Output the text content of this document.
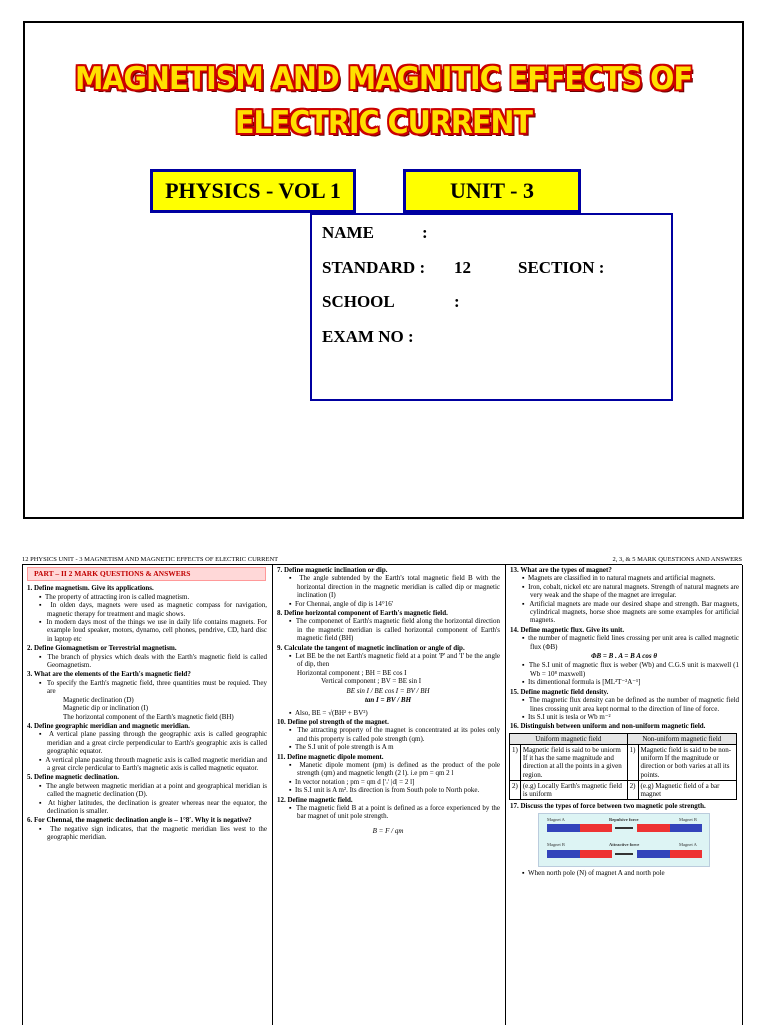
MAGNETISM AND MAGNITIC EFFECTS OF ELECTRIC CURRENT
PHYSICS - VOL 1	UNIT - 3
NAME	:
STANDARD : 12	SECTION :
SCHOOL	:
EXAM NO :
12 PHYSICS UNIT - 3 MAGNETISM AND MAGNETIC EFFECTS OF ELECTRIC CURRENT	2, 3, & 5 MARK QUESTIONS AND ANSWERS
PART – II 2 MARK QUESTIONS & ANSWERS
1. Define magnetism. Give its applications.
▪  The property of attracting iron is called magnetism.
▪  In olden days, magnets were used as magnetic compass for navigation, magnetic therapy for treatment and magic shows.
▪  In modern days most of the things we use in daily life contains magnets. For example loud speaker, motors, dynamo, cell phones, pendrive, CD, hard disc in laptop etc
2. Define Giomagnetism or Terrestrial magnetism.
▪  The branch of physics which deals with the Earth's magnetic field is called Geomagnetism.
3. What are the elements of the Earth's magnetic field?
▪  To specify the Earth's magnetic field, three quantities must be requied. They are
Magnetic declination (D)
Magnetic dip or inclination (I)
The horizontal component of the Earth's magnetic field (BH)
4. Define geographic meridian and magnetic meridian.
▪  A vertical plane passing through the geographic axis is called geographic meridian and a great circle perpendicular to Earth's geographic axis is called geographic equator.
▪  A vertical plane passing throuth magnetic axis is called magnetic meridian and a great circle perdicular to Earth's magnetic axis is called magnetic equator.
5. Define magnetic declination.
▪  The angle between magnetic meridian at a point and geographical meridian is called the magnetic declination (D).
▪  At higher latitudes, the declination is greater whereas near the equator, the declination is smaller.
6. For Chennai, the magnetic declination angle is – 1°8′. Why it is negative?
▪  The negative sign indicates, that the magnetic meridian lies west to the geographic meridian.
7. Define magnetic inclination or dip.
▪  The angle subtended by the Earth's total magnetic field B with the horizontal direction in the magnetic meridian is called dip or magnetic inclination (I)
▪  For Chennai, angle of dip is 14°16′
8. Define horizontal component of Earth's magnetic field.
▪  The componenet of Earth's magnetic field along the horizontal direction in the magnetic meridian is called horizontal component of Earth's magnetic field (BH)
9. Calculate the tangent of magnetic inclination or angle of dip.
▪  Let BE be the net Earth's magnetic field at a point 'P' and 'I' be the angle of dip, then
Horizontal component ; BH = BE cos I
Vertical component ; BV = BE sin I
BE sin I / BE cos I = BV / BH
tan I = BV / BH
▪  Also, BE = √(BH² + BV²)
10. Define pol strength of the magnet.
▪  The attracting property of the magnet is concentrated at its poles only and this property is called pole strength (qm).
▪  The S.I unit of pole strength is A m
11. Define magnetic dipole moment.
▪  Manetic dipole moment (pm) is defined as the product of the pole strength (qm) and magnetic length (2 l). i.e pm = qm 2 l
▪  In vector notation ; pm = qm d [∵ |d| = 2 l]
▪  Its S.I unit is A m². Its direction is from South pole to North poke.
12. Define magnetic field.
▪  The magnetic field B at a point is defined as a force experienced by the bar magnet of unit pole strength.
B = F / qm
13. What are the types of magnet?
▪  Magnets are classified in to natural magnets and artificial magnets.
▪  Iron, cobalt, nickel etc are natural magnets. Strength of natural magnets are very weak and the shape of the magnet are irregular.
▪  Artificial magnets are made our desired shape and strength. Bar magnets, cylindrical magnets, horse shoe magnets are some examples for artificial magnets.
14. Define magnetic flux. Give its unit.
▪  the number of magnetic field lines crossing per unit area is called magnetic flux (ΦB)
ΦB = B . A = B A cos θ
▪  The S.I unit of magnetic flux is weber (Wb) and C.G.S unit is maxwell (1 Wb = 10⁸ maxwell)
▪  Its dimentional formula is [ML²T⁻²A⁻¹]
15. Define magnetic field density.
▪  The magnetic flux density can be defined as the number of magnetic field lines crossing unit area kept normal to the direction of line of force.
▪  Its S.I unit is tesla or Wb m⁻²
16. Distinguish between uniform and non-uniform magnetic field.
Uniform magnetic field		Non-uniform magnetic field	
1)	Magnetic field is said to be uniorm If it has the same magnitude and direction at all the points in a given region.	1)	Magnetic field is said to be non-uniform If the magnitude or direction or both varies at all its points.
2)	(e.g) Locally Earth's magnetic field is uniform	2)	(e.g) Magnetic field of a bar magnet
17. Discuss the types of force between two magnetic pole strength.
Magnet A	Repulsive force	Magnet B
Magnet B	Attractive force	Magnet A
▪  When north pole (N) of magnet A and north pole
